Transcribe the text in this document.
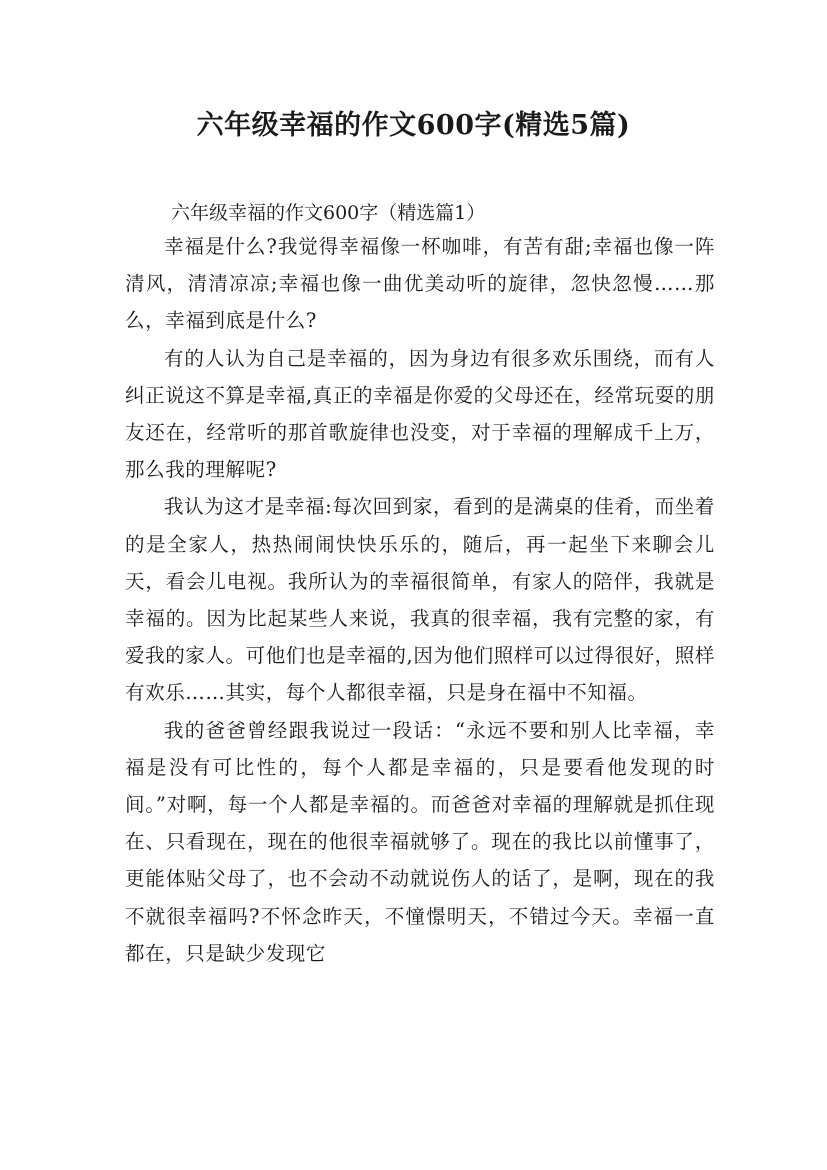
六年级幸福的作文600字(精选5篇)

六年级幸福的作文600字（精选篇1）

幸福是什么?我觉得幸福像一杯咖啡，有苦有甜;幸福也像一阵清风，清清凉凉;幸福也像一曲优美动听的旋律，忽快忽慢……那么，幸福到底是什么?

有的人认为自己是幸福的，因为身边有很多欢乐围绕，而有人纠正说这不算是幸福,真正的幸福是你爱的父母还在，经常玩耍的朋友还在，经常听的那首歌旋律也没变，对于幸福的理解成千上万，那么我的理解呢?

我认为这才是幸福:每次回到家，看到的是满桌的佳肴，而坐着的是全家人，热热闹闹快快乐乐的，随后，再一起坐下来聊会儿天，看会儿电视。我所认为的幸福很简单，有家人的陪伴，我就是幸福的。因为比起某些人来说，我真的很幸福，我有完整的家，有爱我的家人。可他们也是幸福的,因为他们照样可以过得很好，照样有欢乐……其实，每个人都很幸福，只是身在福中不知福。

我的爸爸曾经跟我说过一段话：“永远不要和别人比幸福，幸福是没有可比性的，每个人都是幸福的，只是要看他发现的时间。”对啊，每一个人都是幸福的。而爸爸对幸福的理解就是抓住现在、只看现在，现在的他很幸福就够了。现在的我比以前懂事了，更能体贴父母了，也不会动不动就说伤人的话了，是啊，现在的我不就很幸福吗?不怀念昨天，不憧憬明天，不错过今天。幸福一直都在，只是缺少发现它
